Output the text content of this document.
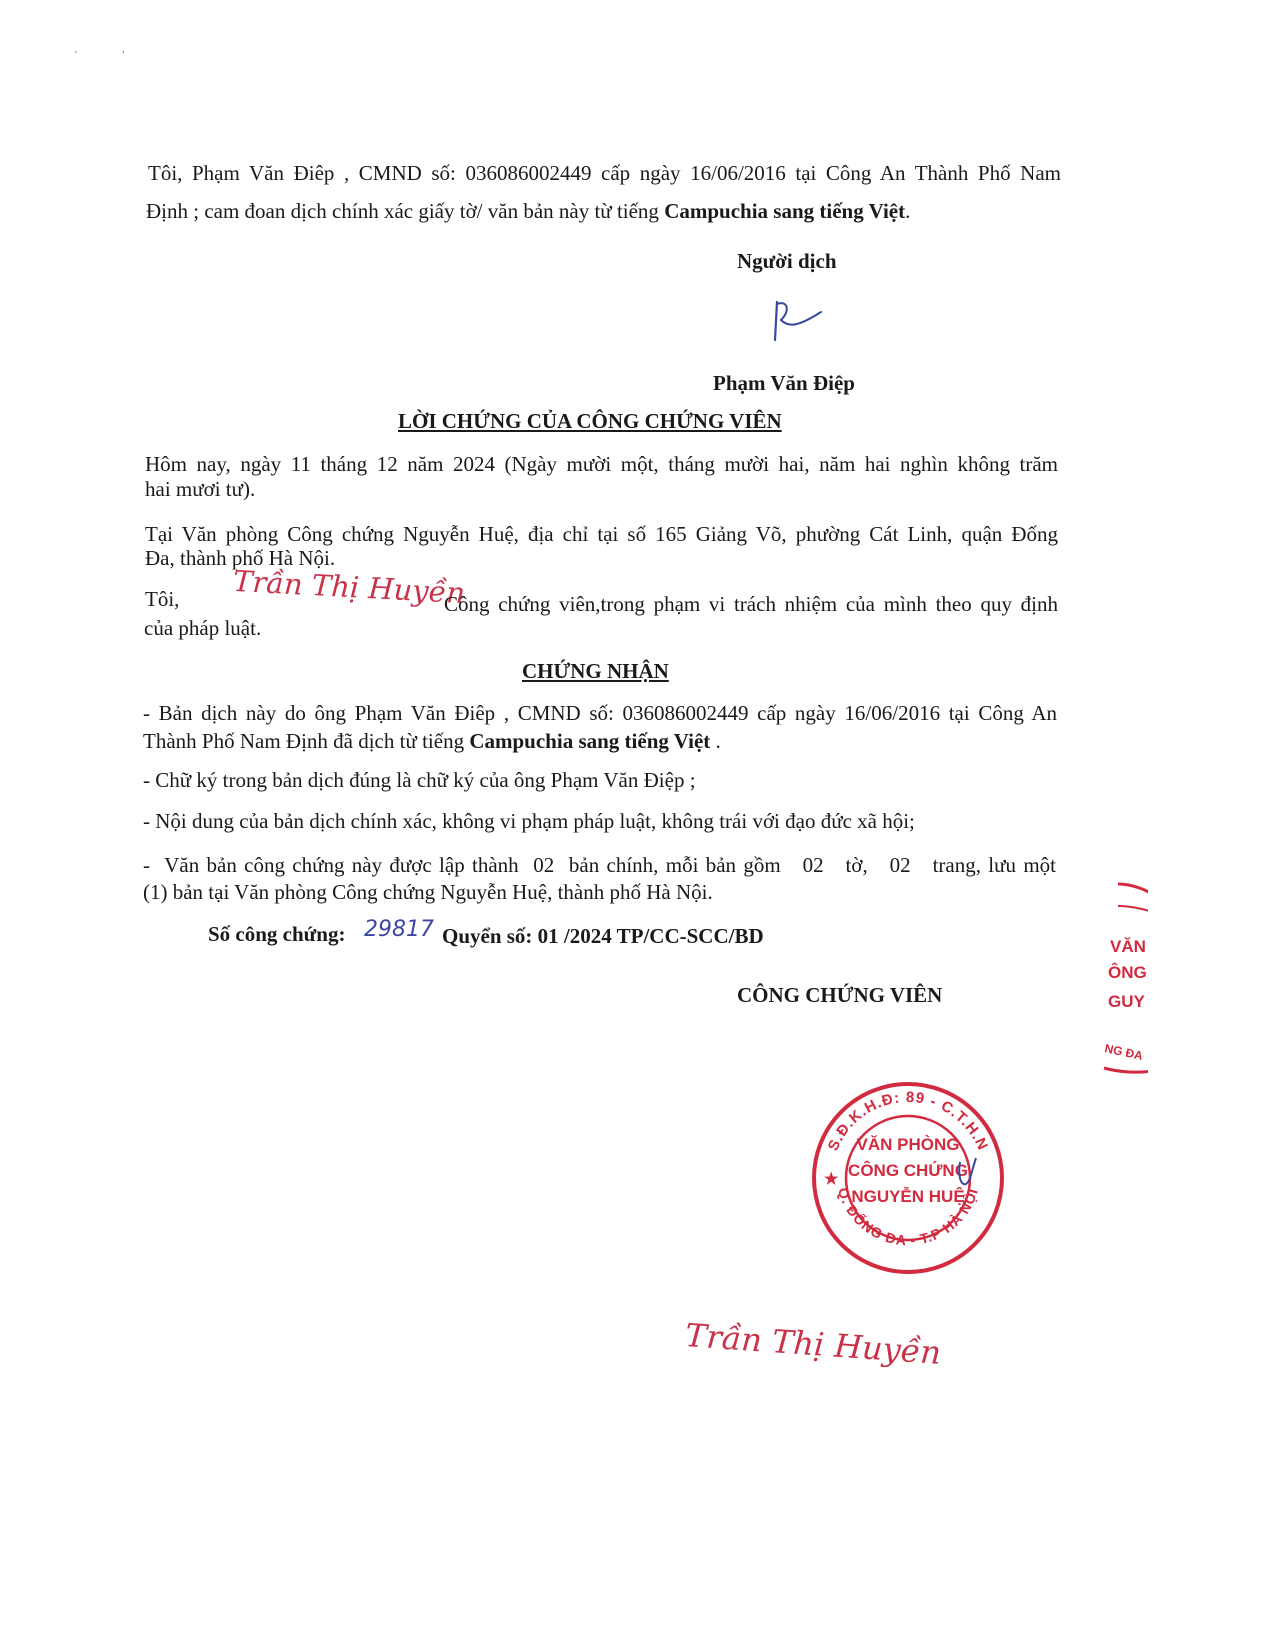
'
,

Tôi, Phạm Văn Điêp , CMND số: 036086002449 cấp ngày 16/06/2016 tại Công An Thành Phố Nam

Định ; cam đoan dịch chính xác giấy tờ/ văn bản này từ tiếng Campuchia sang tiếng Việt.

Người dịch

Phạm Văn Điệp

LỜI CHỨNG CỦA CÔNG CHỨNG VIÊN

Hôm nay, ngày 11 tháng 12 năm 2024 (Ngày mười một, tháng mười hai, năm hai nghìn không trăm

hai mươi tư).

Tại Văn phòng Công chứng Nguyễn Huệ, địa chỉ tại số 165 Giảng Võ, phường Cát Linh, quận Đống

Đa, thành phố Hà Nội.

Tôi, Trần Thị Huyền

Công chứng viên,trong phạm vi trách nhiệm của mình theo quy định

của pháp luật.

CHỨNG NHẬN

- Bản dịch này do ông Phạm Văn Điêp , CMND số: 036086002449 cấp ngày 16/06/2016 tại Công An

Thành Phố Nam Định đã dịch từ tiếng Campuchia sang tiếng Việt .

- Chữ ký trong bản dịch đúng là chữ ký của ông Phạm Văn Điệp ;

- Nội dung của bản dịch chính xác, không vi phạm pháp luật, không trái với đạo đức xã hội;

-  Văn bản công chứng này được lập thành  02  bản chính, mỗi bản gồm   02   tờ,   02   trang, lưu một

(1) bản tại Văn phòng Công chứng Nguyễn Huệ, thành phố Hà Nội.

Số công chứng: 29817 Quyển số: 01 /2024 TP/CC-SCC/BD

CÔNG CHỨNG VIÊN

S.Đ.K.H.Đ: 89 - C.T.H.N
Q. ĐỐNG ĐA - T.P HÀ NỘI
★
VĂN PHÒNG
CÔNG CHỨNG
NGUYỄN HUỆ
VĂN
ÔNG
GUY
NG ĐA
Trần Thị Huyền
